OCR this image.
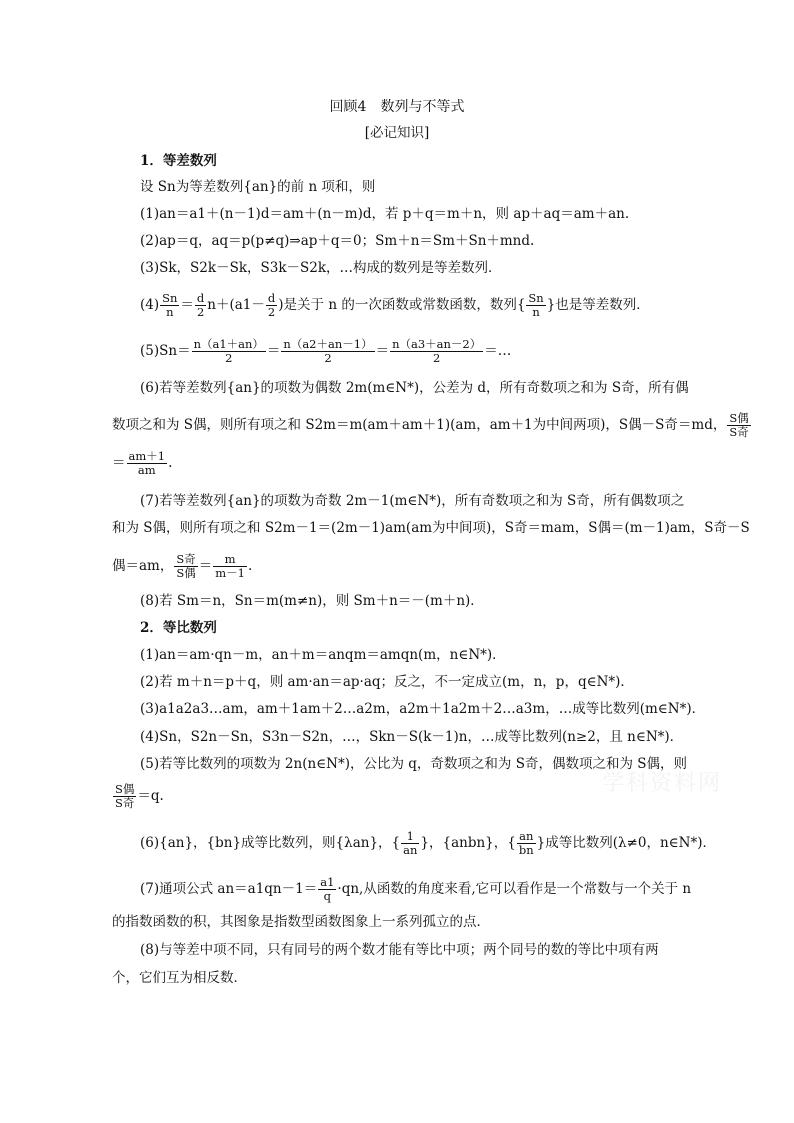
回顾4　数列与不等式
[必记知识]
1．等差数列
设 Sn为等差数列{an}的前 n 项和，则
(1)an＝a1＋(n－1)d＝am＋(n－m)d，若 p＋q＝m＋n，则 ap＋aq＝am＋an.
(2)ap＝q，aq＝p(p≠q)⇒ap＋q＝0；Sm＋n＝Sm＋Sn＋mnd.
(3)Sk，S2k－Sk，S3k－S2k，…构成的数列是等差数列．
$(4) \frac{Sn}{n} = \frac{d}{2} n+(a1- \frac{d}{2}$ )是关于 n 的一次函数或常数函数，数列{ $\frac{Sn}{n}$ }也是等差数列．
$(5)Sn= \frac{n(a1+an)}{2} = \frac{n(a2+an-1)}{2} = \frac{n(a3+an-2)}{2}$ ＝…
(6)若等差数列{an}的项数为偶数 2m(m∈N*)，公差为 d，所有奇数项之和为 S奇，所有偶
数项之和为 S偶，则所有项之和 S2m＝m(am＋am＋1)(am，am＋1为中间两项)，S偶－S奇＝md， $\frac{\text{S偶}}{\text{S奇}}$
＝ $\frac{am+1}{am}$ .
(7)若等差数列{an}的项数为奇数 2m－1(m∈N*)，所有奇数项之和为 S奇，所有偶数项之
和为 S偶，则所有项之和 S2m－1＝(2m－1)am(am为中间项)，S奇＝mam，S偶＝(m－1)am，S奇－S
偶＝am， $\frac{\text{S奇}}{\text{S偶}} = \frac{m}{m-1}$ .
(8)若 Sm＝n，Sn＝m(m≠n)，则 Sm＋n＝－(m＋n)．
2．等比数列
(1)an＝am·qn－m，an＋m＝anqm＝amqn(m，n∈N*)．
(2)若 m＋n＝p＋q，则 am·an＝ap·aq；反之，不一定成立(m，n，p，q∈N*)．
(3)a1a2a3…am，am＋1am＋2…a2m，a2m＋1a2m＋2…a3m，…成等比数列(m∈N*)．
(4)Sn，S2n－Sn，S3n－S2n，…，Skn－S(k－1)n，…成等比数列(n≥2，且 n∈N*)．
(5)若等比数列的项数为 2n(n∈N*)，公比为 q，奇数项之和为 S奇，偶数项之和为 S偶，则
$\frac{\text{S偶}}{\text{S奇}} =q$.
(6){an}，{bn}成等比数列，则{λan}，{ $\frac{1}{an}$ }，{anbn}，{ $\frac{an}{bn}$ }成等比数列(λ≠0，n∈N*)．
(7)通项公式 $an=a1qn-1= \frac{a1}{q} \cdot qn$,从函数的角度来看,它可以看作是一个常数与一个关于 n
的指数函数的积，其图象是指数型函数图象上一系列孤立的点．
(8)与等差中项不同，只有同号的两个数才能有等比中项；两个同号的数的等比中项有两
个，它们互为相反数．
学科资料网
